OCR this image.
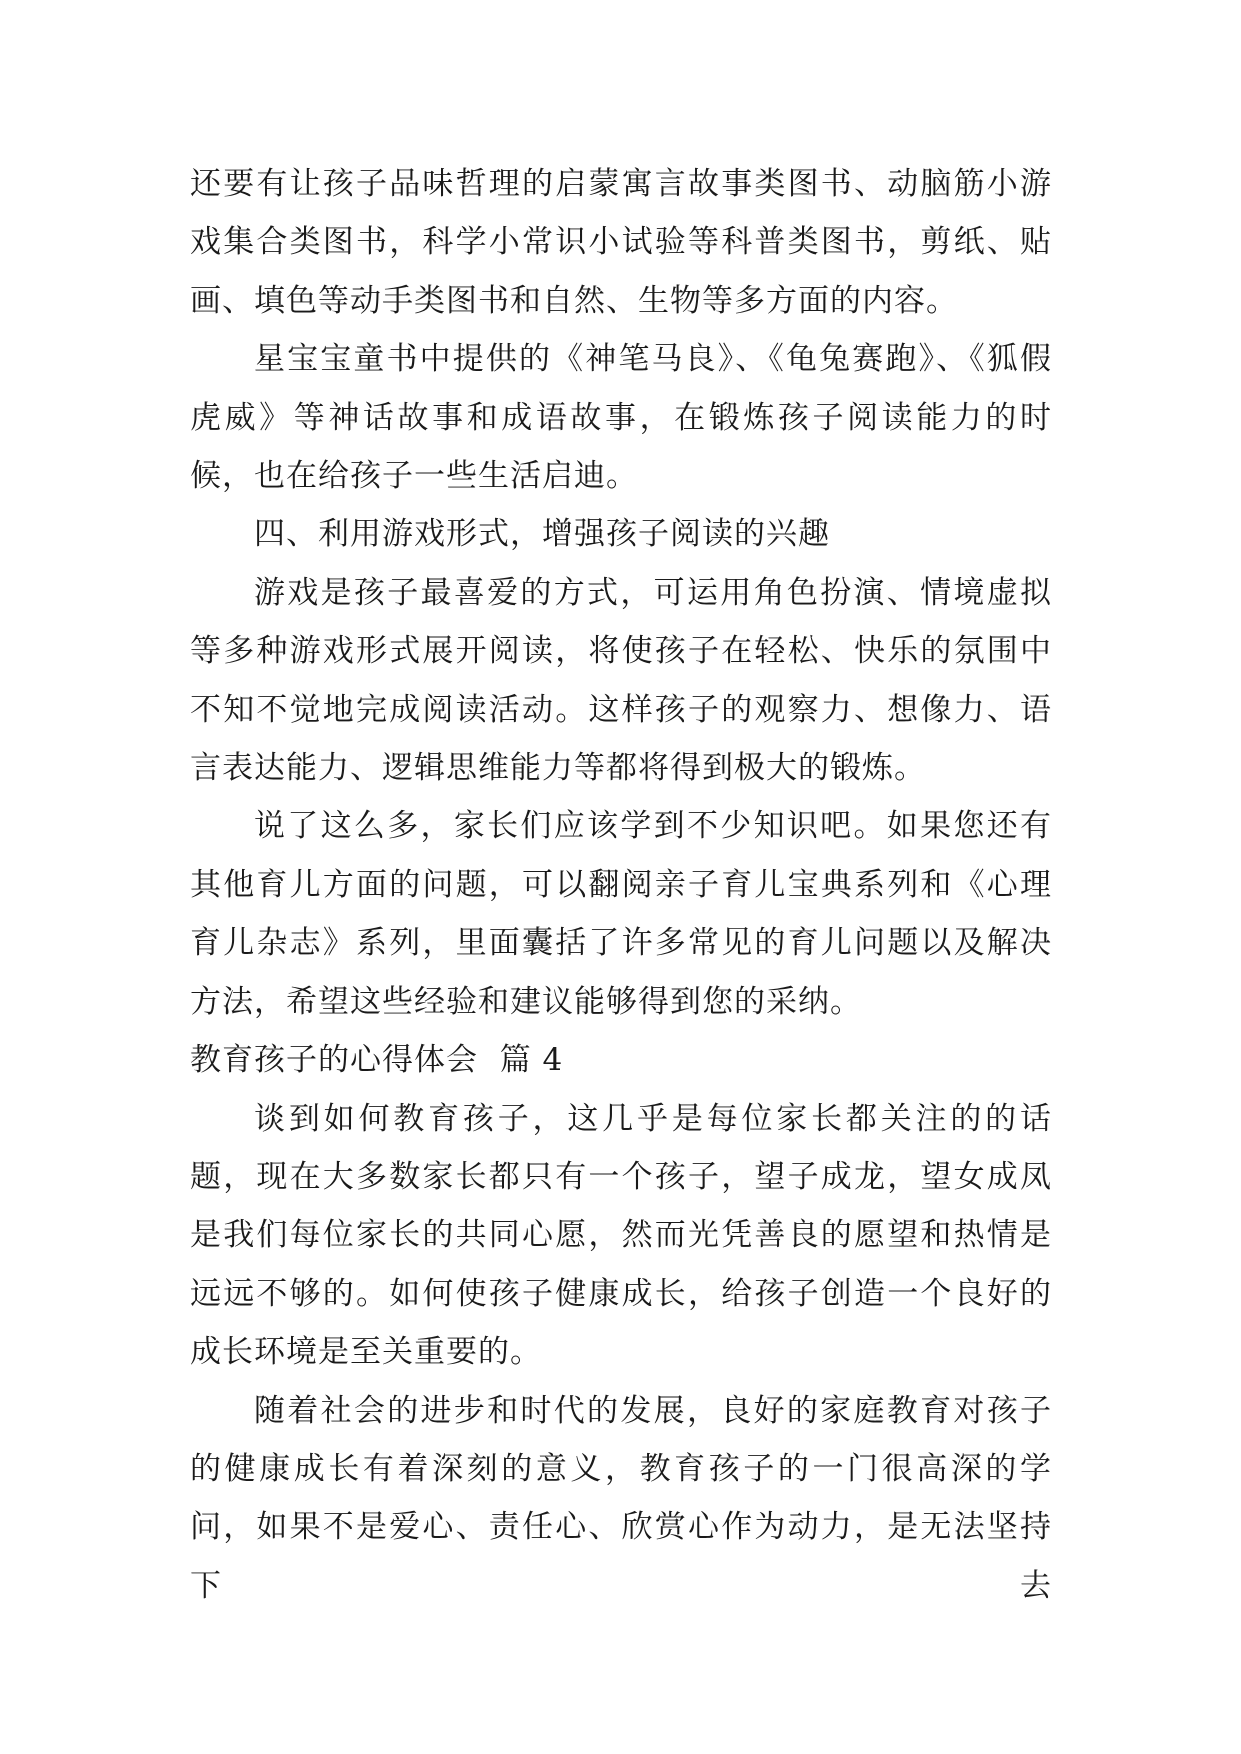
还要有让孩子品味哲理的启蒙寓言故事类图书、动脑筋小游戏集合类图书，科学小常识小试验等科普类图书，剪纸、贴画、填色等动手类图书和自然、生物等多方面的内容。

星宝宝童书中提供的《神笔马良》、《龟兔赛跑》、《狐假虎威》等神话故事和成语故事，在锻炼孩子阅读能力的时候，也在给孩子一些生活启迪。

四、利用游戏形式，增强孩子阅读的兴趣

游戏是孩子最喜爱的方式，可运用角色扮演、情境虚拟等多种游戏形式展开阅读，将使孩子在轻松、快乐的氛围中不知不觉地完成阅读活动。这样孩子的观察力、想像力、语言表达能力、逻辑思维能力等都将得到极大的锻炼。

说了这么多，家长们应该学到不少知识吧。如果您还有其他育儿方面的问题，可以翻阅亲子育儿宝典系列和《心理育儿杂志》系列，里面囊括了许多常见的育儿问题以及解决方法，希望这些经验和建议能够得到您的采纳。

教育孩子的心得体会  篇 4

谈到如何教育孩子，这几乎是每位家长都关注的的话题，现在大多数家长都只有一个孩子，望子成龙，望女成凤是我们每位家长的共同心愿，然而光凭善良的愿望和热情是远远不够的。如何使孩子健康成长，给孩子创造一个良好的成长环境是至关重要的。

随着社会的进步和时代的发展，良好的家庭教育对孩子的健康成长有着深刻的意义，教育孩子的一门很高深的学问，如果不是爱心、责任心、欣赏心作为动力，是无法坚持下去
